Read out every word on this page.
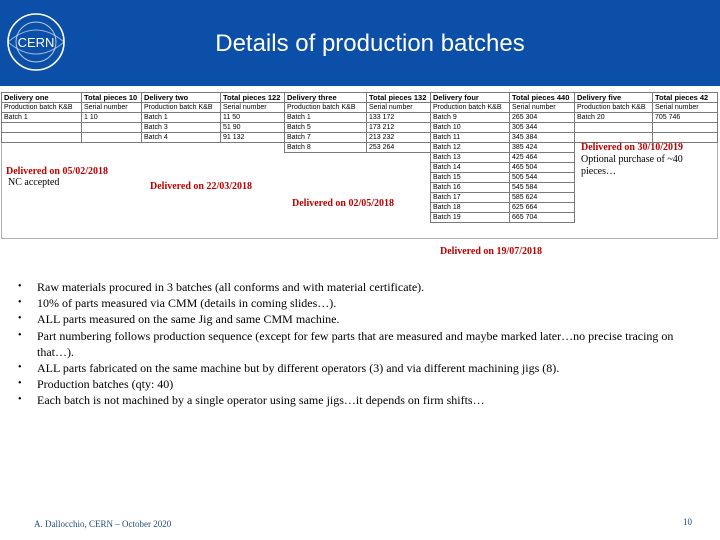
CERN	Details of production batches
Delivery one	Total pieces 10	Delivery two	Total pieces 122	Delivery three	Total pieces 132	Delivery four	Total pieces 440	Delivery five	Total pieces 42
Production batch K&B	Serial number	Production batch K&B	Serial number	Production batch K&B	Serial number	Production batch K&B	Serial number	Production batch K&B	Serial number
Batch 1	1 10	Batch 1	11 50	Batch 1	133 172	Batch 9	265 304	Batch 20	705 746
		Batch 3	51 90	Batch 5	173 212	Batch 10	305 344		
		Batch 4	91 132	Batch 7	213 232	Batch 11	345 384		
				Batch 8	253 264	Batch 12	385 424		
						Batch 13	425 464		
						Batch 14	465 504		
						Batch 15	505 544		
						Batch 16	545 584		
						Batch 17	585 624		
						Batch 18	625 664		
						Batch 19	665 704		
Delivered on 05/02/2018
NC accepted	Delivered on 22/03/2018
Delivered on 02/05/2018
Delivered on 19/07/2018
Delivered on 30/10/2019
Optional purchase of ~40 pieces…
• Raw materials procured in 3 batches (all conforms and with material certificate).
• 10% of parts measured via CMM (details in coming slides…).
• ALL parts measured on the same Jig and same CMM machine.
• Part numbering follows production sequence (except for few parts that are measured and maybe marked later…no precise tracing on that…).
• ALL parts fabricated on the same machine but by different operators (3) and via different machining jigs (8).
• Production batches (qty: 40)
• Each batch is not machined by a single operator using same jigs…it depends on firm shifts…
A. Dallocchio, CERN – October 2020	10
